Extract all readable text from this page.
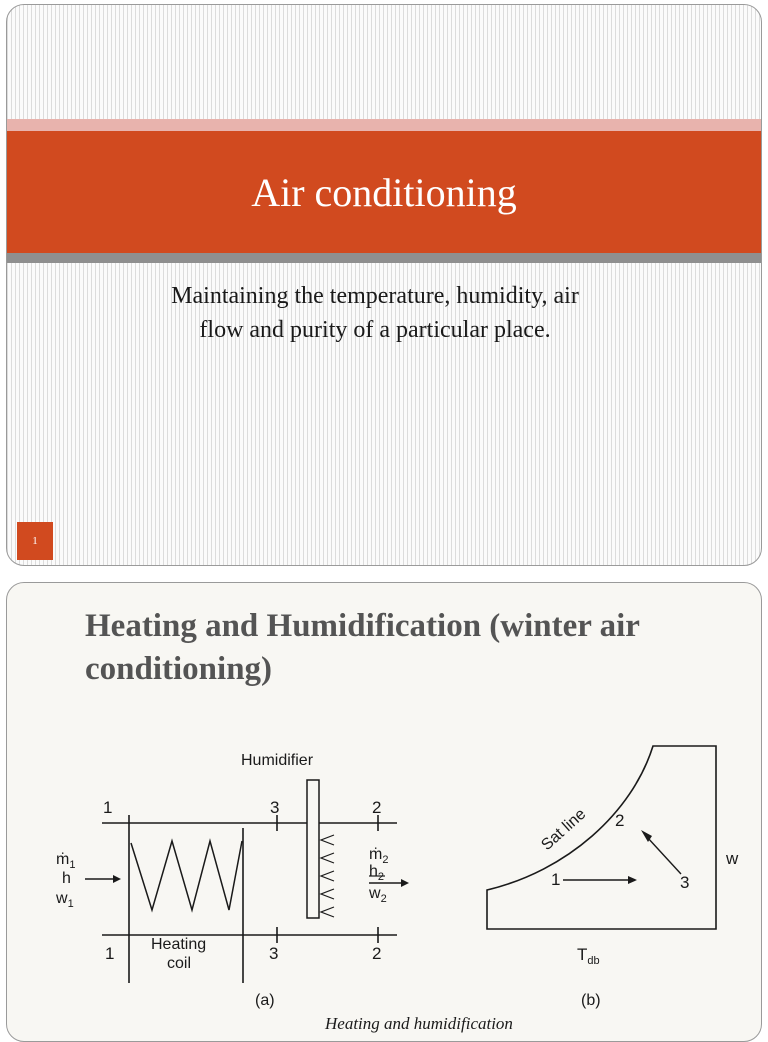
Air conditioning
Maintaining the temperature, humidity, air
flow and purity of a particular place.
1
Heating and Humidification (winter air
conditioning)
Humidifier
1	3	2
ṁ$_1$
h
$w_1$
ṁ$_2$
$h_2$
$w_2$
1	3	2
Heating
coil
(a)
Sat line
1
2
3
w
$T_{db}$
(b)
Heating and humidification
